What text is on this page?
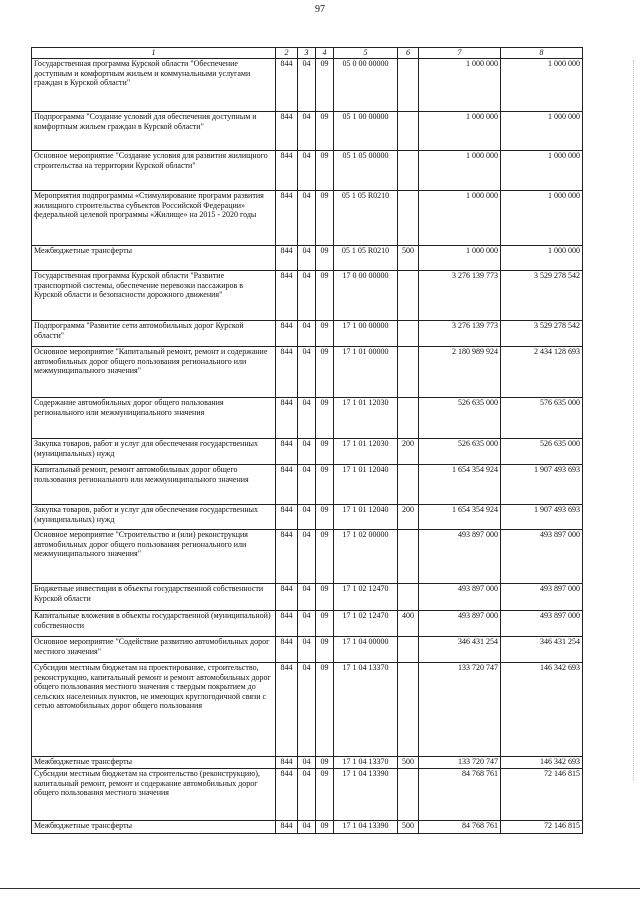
97
1	2	3	4	5	6	7	8
Государственная программа Курской области "Обеспечение доступным и комфортным жильем и коммунальными услугами граждан в Курской области"	844	04	09	05 0 00 00000		1 000 000	1 000 000
Подпрограмма "Создание условий для обеспечения доступным и комфортным жильем граждан в Курской области"	844	04	09	05 1 00 00000		1 000 000	1 000 000
Основное мероприятие "Создание условия для развития жилищного строительства на территории Курской области"	844	04	09	05 1 05 00000		1 000 000	1 000 000
Мероприятия подпрограммы «Стимулирование программ развития жилищного строительства субъектов Российской Федерации» федеральной целевой программы «Жилище» на 2015 - 2020 годы	844	04	09	05 1 05 R0210		1 000 000	1 000 000
Межбюджетные трансферты	844	04	09	05 1 05 R0210	500	1 000 000	1 000 000
Государственная программа Курской области "Развитие транспортной системы, обеспечение перевозки пассажиров в Курской области и безопасности дорожного движения"	844	04	09	17 0 00 00000		3 276 139 773	3 529 278 542
Подпрограмма "Развитие сети автомобильных дорог Курской области"	844	04	09	17 1 00 00000		3 276 139 773	3 529 278 542
Основное мероприятие "Капитальный ремонт, ремонт и содержание автомобильных дорог общего пользования регионального или межмуниципального значения"	844	04	09	17 1 01 00000		2 180 989 924	2 434 128 693
Содержание автомобильных дорог общего пользования регионального или межмуниципального значения	844	04	09	17 1 01 12030		526 635 000	576 635 000
Закупка товаров, работ и услуг для обеспечения государственных (муниципальных) нужд	844	04	09	17 1 01 12030	200	526 635 000	526 635 000
Капитальный ремонт, ремонт автомобильных дорог общего пользования регионального или межмуниципального значения	844	04	09	17 1 01 12040		1 654 354 924	1 907 493 693
Закупка товаров, работ и услуг для обеспечения государственных (муниципальных) нужд	844	04	09	17 1 01 12040	200	1 654 354 924	1 907 493 693
Основное мероприятие "Строительство и (или) реконструкция автомобильных дорог общего пользования регионального или межмуниципального значения"	844	04	09	17 1 02 00000		493 897 000	493 897 000
Бюджетные инвестиции в объекты государственной собственности Курской области	844	04	09	17 1 02 12470		493 897 000	493 897 000
Капитальные вложения в объекты государственной (муниципальной) собственности	844	04	09	17 1 02 12470	400	493 897 000	493 897 000
Основное мероприятие "Содействие развитию автомобильных дорог местного значения"	844	04	09	17 1 04 00000		346 431 254	346 431 254
Субсидии местным бюджетам на проектирование, строительство, реконструкцию, капитальный ремонт и ремонт автомобильных дорог общего пользования местного значения с твердым покрытием до сельских населенных пунктов, не имеющих круглогодичной связи с сетью автомобильных дорог общего пользования	844	04	09	17 1 04 13370		133 720 747	146 342 693
Межбюджетные трансферты	844	04	09	17 1 04 13370	500	133 720 747	146 342 693
Субсидии местным бюджетам на строительство (реконструкцию), капитальный ремонт, ремонт и содержание автомобильных дорог общего пользования местного значения	844	04	09	17 1 04 13390		84 768 761	72 146 815
Межбюджетные трансферты	844	04	09	17 1 04 13390	500	84 768 761	72 146 815
